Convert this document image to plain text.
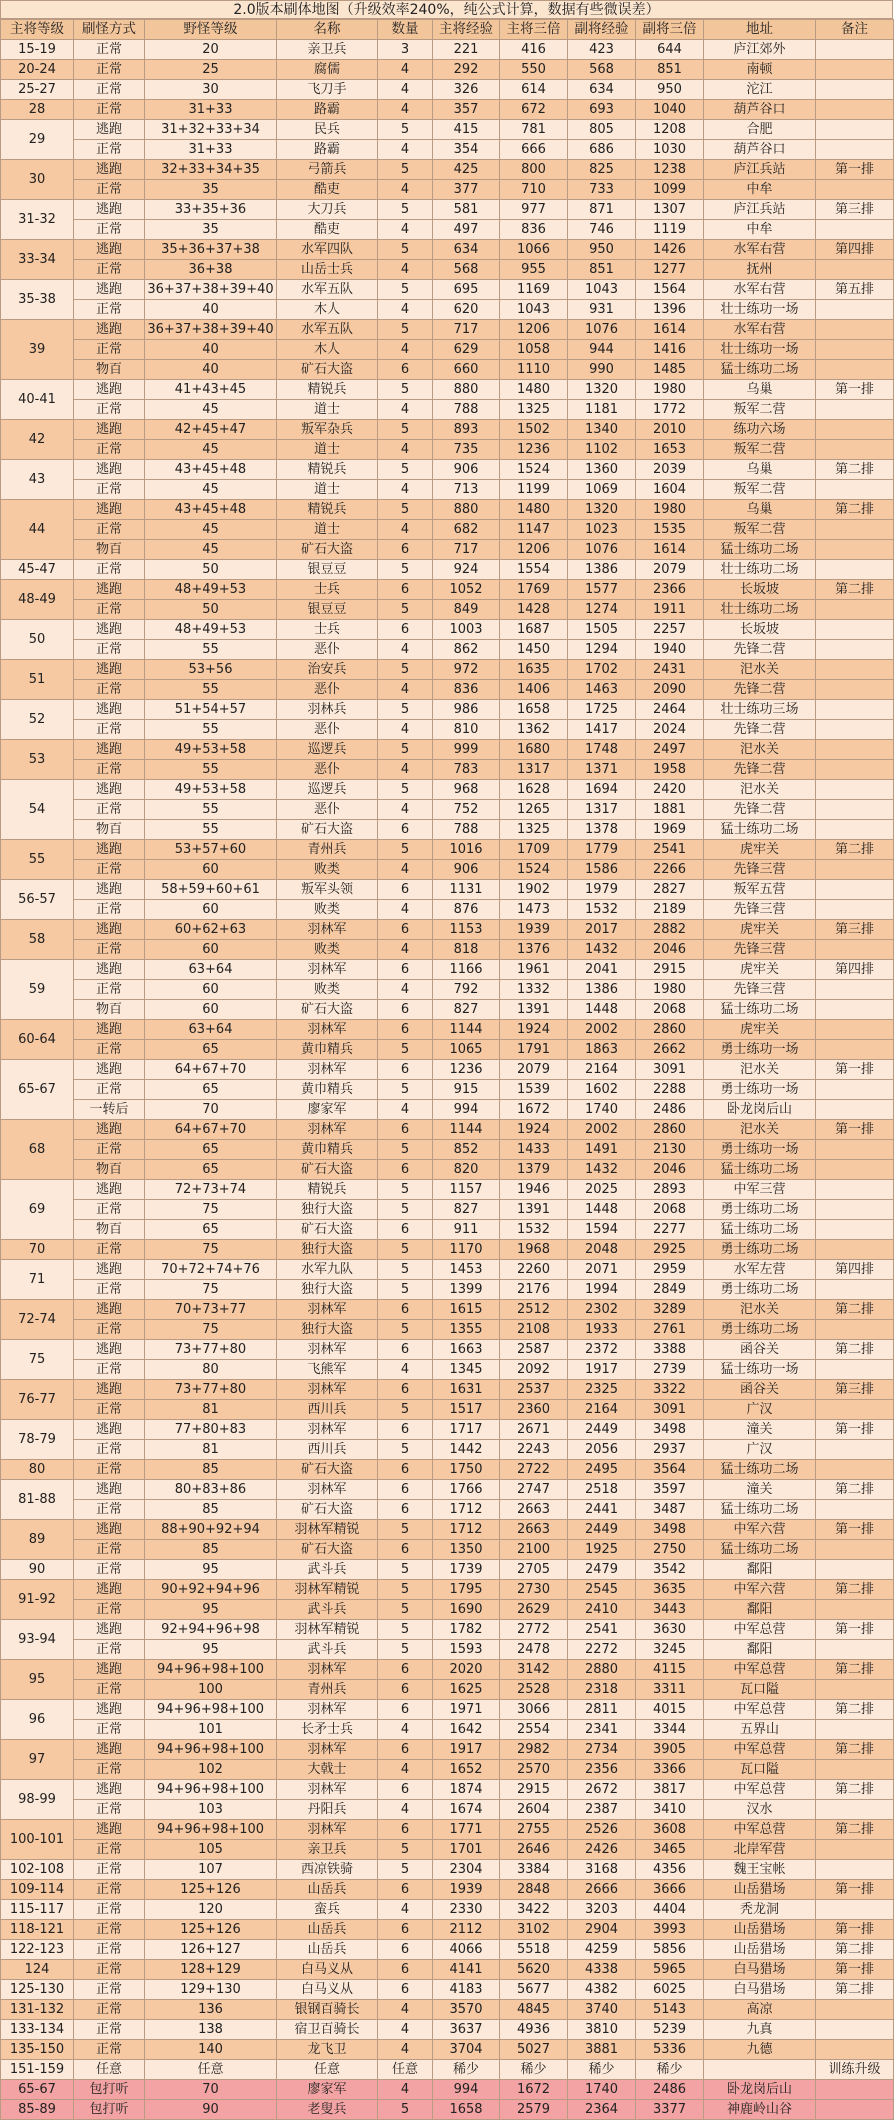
2.0版本刷体地图（升级效率240%，纯公式计算，数据有些微误差）
主将等级	刷怪方式	野怪等级	名称	数量	主将经验	主将三倍	副将经验	副将三倍	地址	备注
15-19	正常	20	亲卫兵	3	221	416	423	644	庐江郊外	
20-24	正常	25	腐儒	4	292	550	568	851	南顿	
25-27	正常	30	飞刀手	4	326	614	634	950	沱江	
28	正常	31+33	路霸	4	357	672	693	1040	葫芦谷口	
29	逃跑	31+32+33+34	民兵	5	415	781	805	1208	合肥	
	正常	31+33	路霸	4	354	666	686	1030	葫芦谷口	
30	逃跑	32+33+34+35	弓箭兵	5	425	800	825	1238	庐江兵站	第一排
	正常	35	酷吏	4	377	710	733	1099	中牟	
31-32	逃跑	33+35+36	大刀兵	5	581	977	871	1307	庐江兵站	第三排
	正常	35	酷吏	4	497	836	746	1119	中牟	
33-34	逃跑	35+36+37+38	水军四队	5	634	1066	950	1426	水军右营	第四排
	正常	36+38	山岳士兵	4	568	955	851	1277	抚州	
35-38	逃跑	36+37+38+39+40	水军五队	5	695	1169	1043	1564	水军右营	第五排
	正常	40	木人	4	620	1043	931	1396	壮士练功一场	
39	逃跑	36+37+38+39+40	水军五队	5	717	1206	1076	1614	水军右营	
	正常	40	木人	4	629	1058	944	1416	壮士练功一场	
	物百	40	矿石大盗	6	660	1110	990	1485	猛士练功二场	
40-41	逃跑	41+43+45	精锐兵	5	880	1480	1320	1980	乌巢	第一排
	正常	45	道士	4	788	1325	1181	1772	叛军二营	
42	逃跑	42+45+47	叛军杂兵	5	893	1502	1340	2010	练功六场	
	正常	45	道士	4	735	1236	1102	1653	叛军二营	
43	逃跑	43+45+48	精锐兵	5	906	1524	1360	2039	乌巢	第二排
	正常	45	道士	4	713	1199	1069	1604	叛军二营	
44	逃跑	43+45+48	精锐兵	5	880	1480	1320	1980	乌巢	第二排
	正常	45	道士	4	682	1147	1023	1535	叛军二营	
	物百	45	矿石大盗	6	717	1206	1076	1614	猛士练功二场	
45-47	正常	50	银豆豆	5	924	1554	1386	2079	壮士练功二场	
48-49	逃跑	48+49+53	士兵	6	1052	1769	1577	2366	长坂坡	第二排
	正常	50	银豆豆	5	849	1428	1274	1911	壮士练功二场	
50	逃跑	48+49+53	士兵	6	1003	1687	1505	2257	长坂坡	
	正常	55	恶仆	4	862	1450	1294	1940	先锋二营	
51	逃跑	53+56	治安兵	5	972	1635	1702	2431	汜水关	
	正常	55	恶仆	4	836	1406	1463	2090	先锋二营	
52	逃跑	51+54+57	羽林兵	5	986	1658	1725	2464	壮士练功三场	
	正常	55	恶仆	4	810	1362	1417	2024	先锋二营	
53	逃跑	49+53+58	巡逻兵	5	999	1680	1748	2497	汜水关	
	正常	55	恶仆	4	783	1317	1371	1958	先锋二营	
54	逃跑	49+53+58	巡逻兵	5	968	1628	1694	2420	汜水关	
	正常	55	恶仆	4	752	1265	1317	1881	先锋二营	
	物百	55	矿石大盗	6	788	1325	1378	1969	猛士练功二场	
55	逃跑	53+57+60	青州兵	5	1016	1709	1779	2541	虎牢关	第二排
	正常	60	败类	4	906	1524	1586	2266	先锋三营	
56-57	逃跑	58+59+60+61	叛军头领	6	1131	1902	1979	2827	叛军五营	
	正常	60	败类	4	876	1473	1532	2189	先锋三营	
58	逃跑	60+62+63	羽林军	6	1153	1939	2017	2882	虎牢关	第三排
	正常	60	败类	4	818	1376	1432	2046	先锋三营	
59	逃跑	63+64	羽林军	6	1166	1961	2041	2915	虎牢关	第四排
	正常	60	败类	4	792	1332	1386	1980	先锋三营	
	物百	60	矿石大盗	6	827	1391	1448	2068	猛士练功二场	
60-64	逃跑	63+64	羽林军	6	1144	1924	2002	2860	虎牢关	
	正常	65	黄巾精兵	5	1065	1791	1863	2662	勇士练功一场	
65-67	逃跑	64+67+70	羽林军	6	1236	2079	2164	3091	汜水关	第一排
	正常	65	黄巾精兵	5	915	1539	1602	2288	勇士练功一场	
	一转后	70	廖家军	4	994	1672	1740	2486	卧龙岗后山	
68	逃跑	64+67+70	羽林军	6	1144	1924	2002	2860	汜水关	第一排
	正常	65	黄巾精兵	5	852	1433	1491	2130	勇士练功一场	
	物百	65	矿石大盗	6	820	1379	1432	2046	猛士练功二场	
69	逃跑	72+73+74	精锐兵	5	1157	1946	2025	2893	中军三营	
	正常	75	独行大盗	5	827	1391	1448	2068	勇士练功二场	
	物百	65	矿石大盗	6	911	1532	1594	2277	猛士练功二场	
70	正常	75	独行大盗	5	1170	1968	2048	2925	勇士练功二场	
71	逃跑	70+72+74+76	水军九队	5	1453	2260	2071	2959	水军左营	第四排
	正常	75	独行大盗	5	1399	2176	1994	2849	勇士练功二场	
72-74	逃跑	70+73+77	羽林军	6	1615	2512	2302	3289	汜水关	第二排
	正常	75	独行大盗	5	1355	2108	1933	2761	勇士练功二场	
75	逃跑	73+77+80	羽林军	6	1663	2587	2372	3388	函谷关	第二排
	正常	80	飞熊军	4	1345	2092	1917	2739	猛士练功一场	
76-77	逃跑	73+77+80	羽林军	6	1631	2537	2325	3322	函谷关	第三排
	正常	81	西川兵	5	1517	2360	2164	3091	广汉	
78-79	逃跑	77+80+83	羽林军	6	1717	2671	2449	3498	潼关	第一排
	正常	81	西川兵	5	1442	2243	2056	2937	广汉	
80	正常	85	矿石大盗	6	1750	2722	2495	3564	猛士练功二场	
81-88	逃跑	80+83+86	羽林军	6	1766	2747	2518	3597	潼关	第二排
	正常	85	矿石大盗	6	1712	2663	2441	3487	猛士练功二场	
89	逃跑	88+90+92+94	羽林军精锐	5	1712	2663	2449	3498	中军六营	第一排
	正常	85	矿石大盗	6	1350	2100	1925	2750	猛士练功二场	
90	正常	95	武斗兵	5	1739	2705	2479	3542	鄱阳	
91-92	逃跑	90+92+94+96	羽林军精锐	5	1795	2730	2545	3635	中军六营	第二排
	正常	95	武斗兵	5	1690	2629	2410	3443	鄱阳	
93-94	逃跑	92+94+96+98	羽林军精锐	5	1782	2772	2541	3630	中军总营	第一排
	正常	95	武斗兵	5	1593	2478	2272	3245	鄱阳	
95	逃跑	94+96+98+100	羽林军	6	2020	3142	2880	4115	中军总营	第二排
	正常	100	青州兵	6	1625	2528	2318	3311	瓦口隘	
96	逃跑	94+96+98+100	羽林军	6	1971	3066	2811	4015	中军总营	第二排
	正常	101	长矛士兵	4	1642	2554	2341	3344	五界山	
97	逃跑	94+96+98+100	羽林军	6	1917	2982	2734	3905	中军总营	第二排
	正常	102	大戟士	4	1652	2570	2356	3366	瓦口隘	
98-99	逃跑	94+96+98+100	羽林军	6	1874	2915	2672	3817	中军总营	第二排
	正常	103	丹阳兵	4	1674	2604	2387	3410	汉水	
100-101	逃跑	94+96+98+100	羽林军	6	1771	2755	2526	3608	中军总营	第二排
	正常	105	亲卫兵	5	1701	2646	2426	3465	北岸军营	
102-108	正常	107	西凉铁骑	5	2304	3384	3168	4356	魏王宝帐	
109-114	正常	125+126	山岳兵	6	1939	2848	2666	3666	山岳猎场	第一排
115-117	正常	120	蛮兵	4	2330	3422	3203	4404	秃龙洞	
118-121	正常	125+126	山岳兵	6	2112	3102	2904	3993	山岳猎场	第一排
122-123	正常	126+127	山岳兵	6	4066	5518	4259	5856	山岳猎场	第二排
124	正常	128+129	白马义从	6	4141	5620	4338	5965	白马猎场	第一排
125-130	正常	129+130	白马义从	6	4183	5677	4382	6025	白马猎场	第二排
131-132	正常	136	银钢百骑长	4	3570	4845	3740	5143	高凉	
133-134	正常	138	宿卫百骑长	4	3637	4936	3810	5239	九真	
135-150	正常	140	龙飞卫	4	3704	5027	3881	5336	九德	
151-159	任意	任意	任意	任意	稀少	稀少	稀少	稀少		训练升级
65-67	包打听	70	廖家军	4	994	1672	1740	2486	卧龙岗后山	
85-89	包打听	90	老叟兵	5	1658	2579	2364	3377	神鹿岭山谷	
